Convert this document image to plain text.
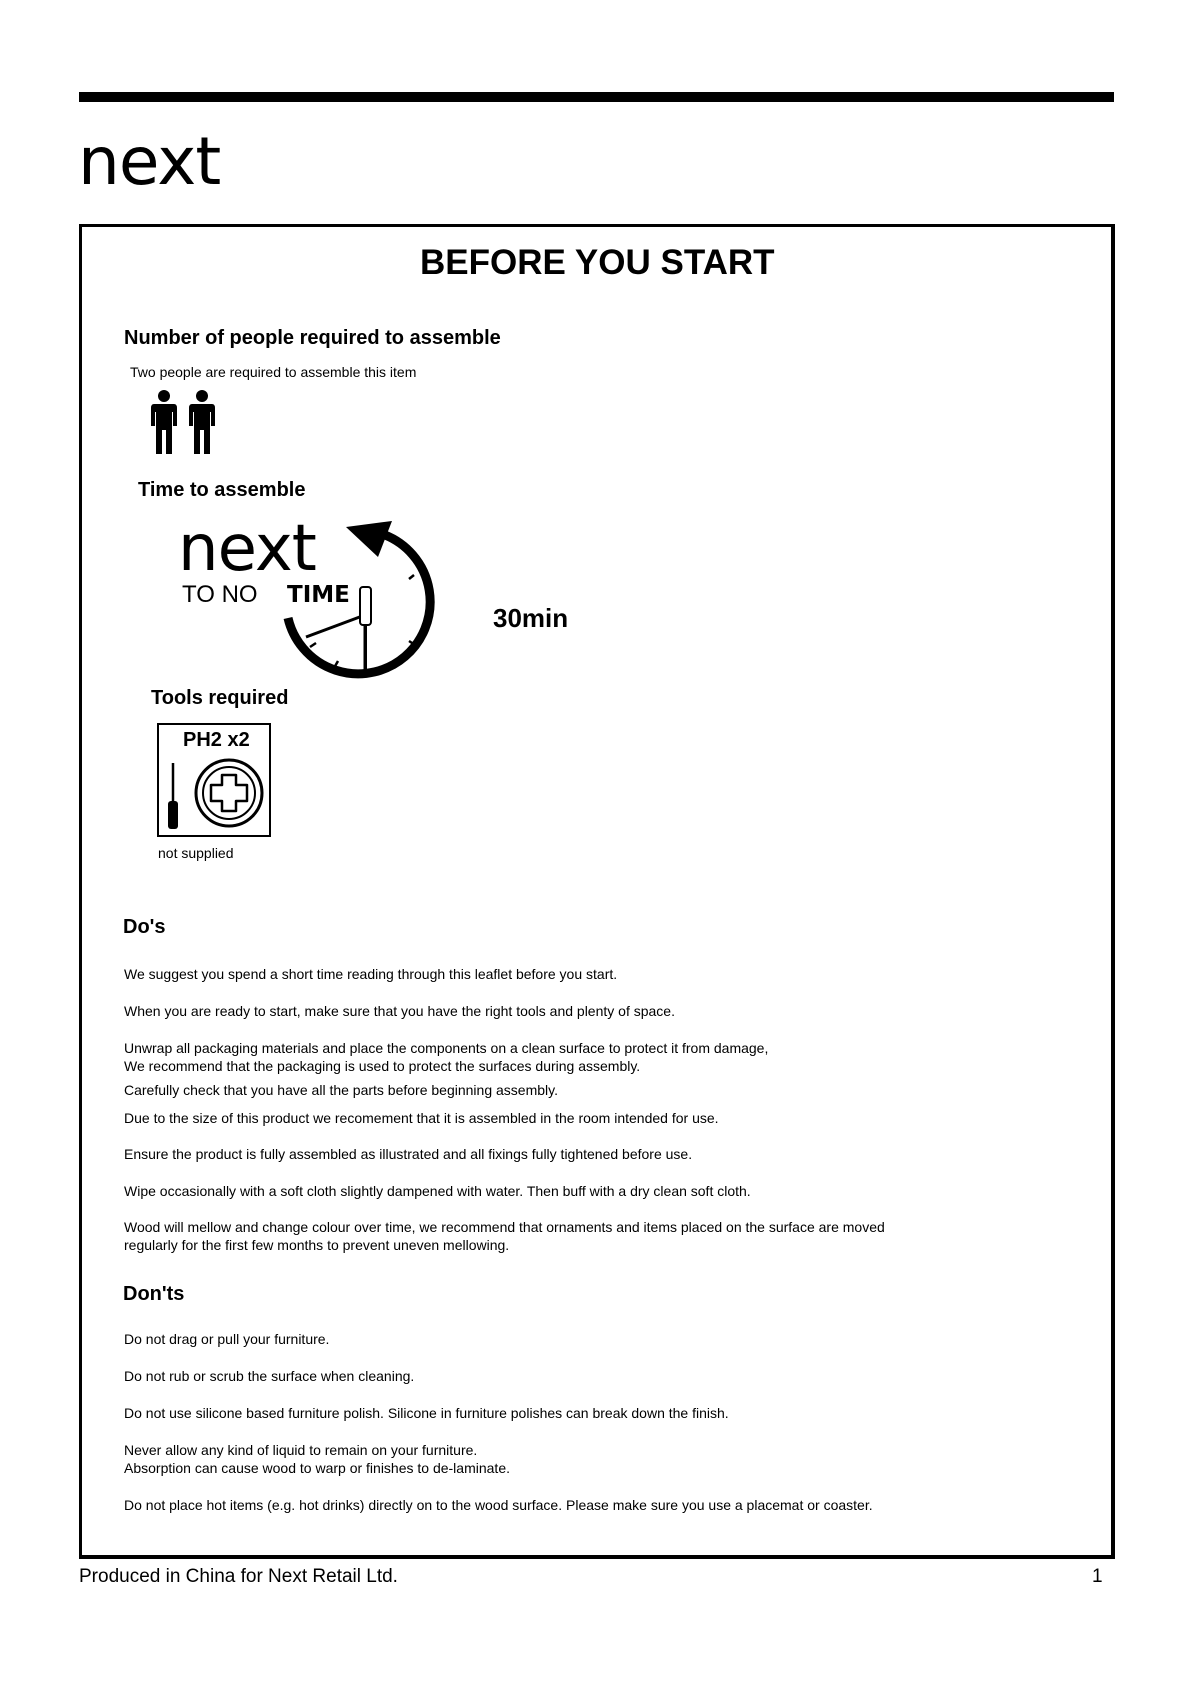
next
BEFORE YOU START
Number of people required to assemble
Two people are required to assemble this item
Time to assemble
next
TO NO TIME
30min
Tools required
PH2 x2
not supplied
Do's
We suggest you spend a short time reading through this leaflet before you start.
When you are ready to start, make sure that you have the right tools and plenty of space.
Unwrap all packaging materials and place the components on a clean surface to protect it from damage,
We recommend that the packaging is used to protect the surfaces during assembly.
Carefully check that you have all the parts before beginning assembly.
Due to the size of this product we recomement that it is assembled in the room intended for use.
Ensure the product is fully assembled as illustrated and all fixings fully tightened before use.
Wipe occasionally with a soft cloth slightly dampened with water. Then buff with a dry clean soft cloth.
Wood will mellow and change colour over time, we recommend that ornaments and items placed on the surface are moved
regularly for the first few months to prevent uneven mellowing.
Don'ts
Do not drag or pull your furniture.
Do not rub or scrub the surface when cleaning.
Do not use silicone based furniture polish. Silicone in furniture polishes can break down the finish.
Never allow any kind of liquid to remain on your furniture.
Absorption can cause wood to warp or finishes to de-laminate.
Do not place hot items (e.g. hot drinks) directly on to the wood surface. Please make sure you use a placemat or coaster.
Produced in China for Next Retail Ltd.	1
